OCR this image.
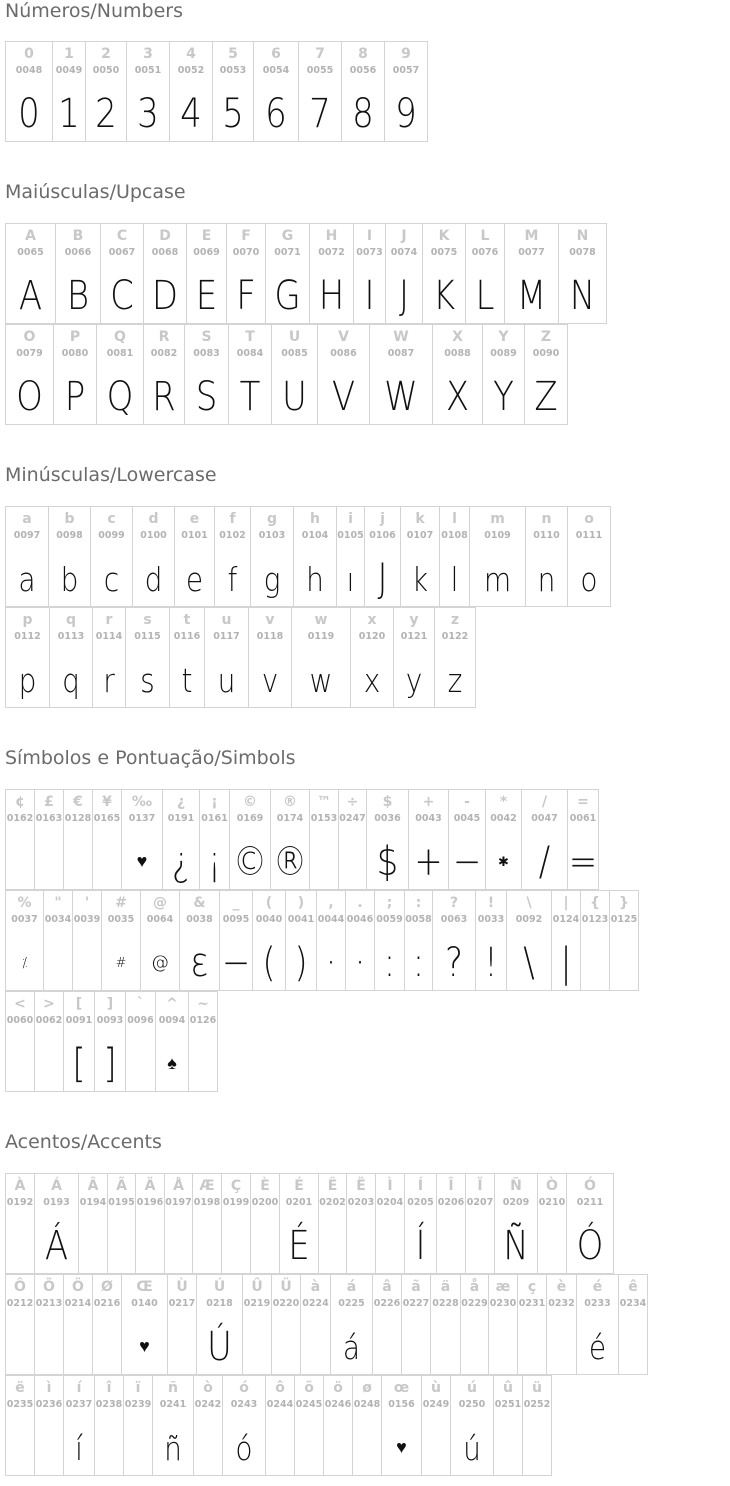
Números/Numbers
0
0048
0
1
0049
1
2
0050
2
3
0051
3
4
0052
4
5
0053
5
6
0054
6
7
0055
7
8
0056
8
9
0057
9
Maiúsculas/Upcase
A
0065
A
B
0066
B
C
0067
C
D
0068
D
E
0069
E
F
0070
F
G
0071
G
H
0072
H
I
0073
I
J
0074
J
K
0075
K
L
0076
L
M
0077
M
N
0078
N
O
0079
O
P
0080
P
Q
0081
Q
R
0082
R
S
0083
S
T
0084
T
U
0085
U
V
0086
V
W
0087
W
X
0088
X
Y
0089
Y
Z
0090
Z
Minúsculas/Lowercase
a
0097
a
b
0098
b
c
0099
c
d
0100
d
e
0101
e
f
0102
f
g
0103
g
h
0104
h
i
0105
ı
j
0106
J
k
0107
k
l
0108
l
m
0109
m
n
0110
n
o
0111
o
p
0112
p
q
0113
q
r
0114
r
s
0115
s
t
0116
t
u
0117
u
v
0118
v
w
0119
w
x
0120
x
y
0121
y
z
0122
z
Símbolos e Pontuação/Simbols
¢
0162
£
0163
€
0128
¥
0165
‰
0137
♥
¿
0191
¿
¡
0161
¡
©
0169
©
®
0174
®
™
0153
÷
0247
$
0036
$
+
0043
+
-
0045
−
*
0042
✱
/
0047
/
=
0061
=
%
0037
⁒
"
0034
'
0039
#
0035
#
@
0064
@
&
0038
ε
_
0095
−
(
0040
(
)
0041
)
,
0044
·
.
0046
·
;
0059
:
:
0058
:
?
0063
?
!
0033
!
\
0092
\
|
0124
|
{
0123
}
0125
<
0060
>
0062
[
0091
[
]
0093
]
`
0096
^
0094
♠
~
0126
Acentos/Accents
À
0192
Á
0193
Á
Â
0194
Ã
0195
Ä
0196
Å
0197
Æ
0198
Ç
0199
È
0200
É
0201
É
Ê
0202
Ë
0203
Ì
0204
Í
0205
Í
Î
0206
Ï
0207
Ñ
0209
Ñ
Ò
0210
Ó
0211
Ó
Ô
0212
Õ
0213
Ö
0214
Ø
0216
Œ
0140
♥
Ù
0217
Ú
0218
Ú
Û
0219
Ü
0220
à
0224
á
0225
á
â
0226
ã
0227
ä
0228
å
0229
æ
0230
ç
0231
è
0232
é
0233
é
ê
0234
ë
0235
ì
0236
í
0237
í
î
0238
ï
0239
ñ
0241
ñ
ò
0242
ó
0243
ó
ô
0244
õ
0245
ö
0246
ø
0248
œ
0156
♥
ù
0249
ú
0250
ú
û
0251
ü
0252
